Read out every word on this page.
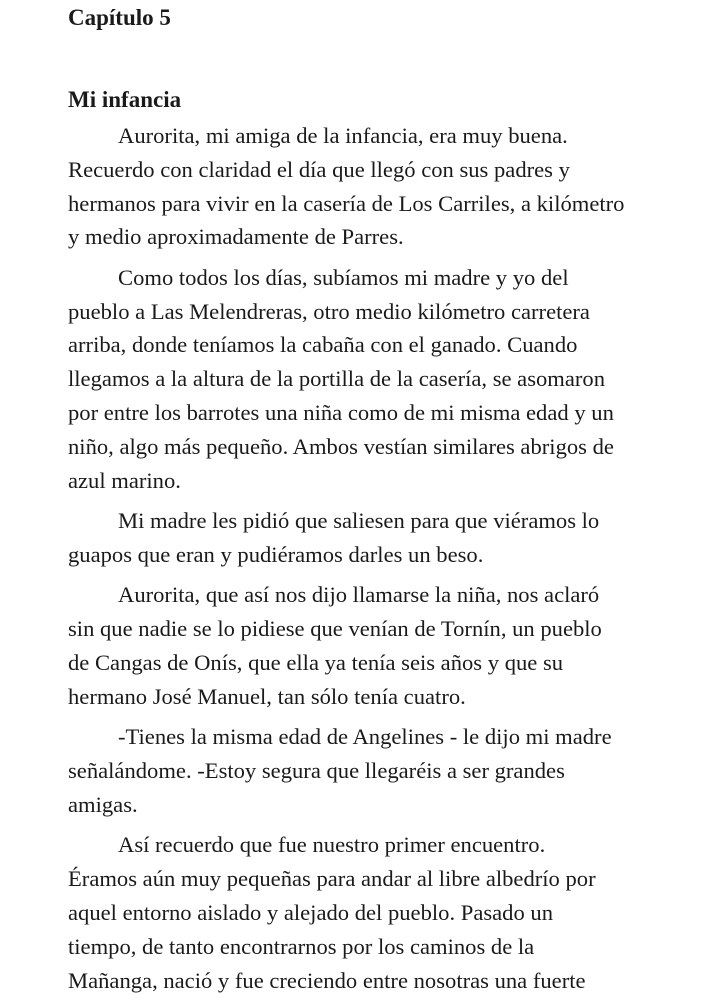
Capítulo 5
Mi infancia

Aurorita, mi amiga de la infancia, era muy buena.
Recuerdo con claridad el día que llegó con sus padres y
hermanos para vivir en la casería de Los Carriles, a kilómetro
y medio aproximadamente de Parres.

Como todos los días, subíamos mi madre y yo del
pueblo a Las Melendreras, otro medio kilómetro carretera
arriba, donde teníamos la cabaña con el ganado. Cuando
llegamos a la altura de la portilla de la casería, se asomaron
por entre los barrotes una niña como de mi misma edad y un
niño, algo más pequeño. Ambos vestían similares abrigos de
azul marino.

Mi madre les pidió que saliesen para que viéramos lo
guapos que eran y pudiéramos darles un beso.

Aurorita, que así nos dijo llamarse la niña, nos aclaró
sin que nadie se lo pidiese que venían de Tornín, un pueblo
de Cangas de Onís, que ella ya tenía seis años y que su
hermano José Manuel, tan sólo tenía cuatro.

-Tienes la misma edad de Angelines - le dijo mi madre
señalándome. -Estoy segura que llegaréis a ser grandes
amigas.

Así recuerdo que fue nuestro primer encuentro.
Éramos aún muy pequeñas para andar al libre albedrío por
aquel entorno aislado y alejado del pueblo. Pasado un
tiempo, de tanto encontrarnos por los caminos de la
Mañanga, nació y fue creciendo entre nosotras una fuerte
